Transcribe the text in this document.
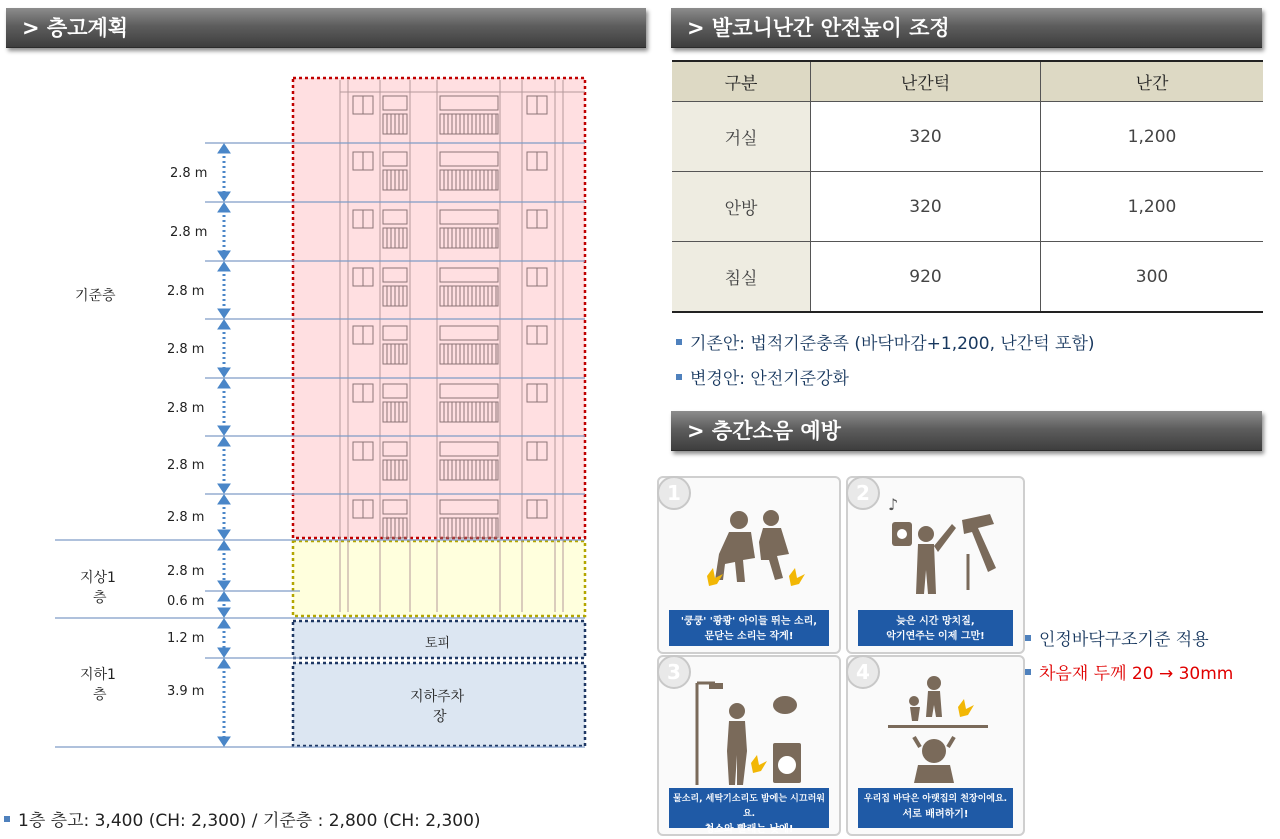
> 층고계획	> 발코니난간 안전높이 조정
> 층간소음 예방
2.8 m
2.8 m
2.8 m
2.8 m
2.8 m
2.8 m
2.8 m
2.8 m
0.6 m
1.2 m
3.9 m
기준층
지상1
층
지하1
층
토피
지하주차
장
1층 층고: 3,400 (CH: 2,300) / 기준층 : 2,800 (CH: 2,300)
구분	난간턱	난간
거실	320	1,200
안방	320	1,200
침실	920	300
기존안: 법적기준충족 (바닥마감+1,200, 난간턱 포함)
변경안: 안전기준강화
1
'쿵쿵' '쾅쾅' 아이들 뛰는 소리,
문닫는 소리는 작게!
2	♪
늦은 시간 망치질,
악기연주는 이제 그만!
3
물소리, 세탁기소리도 밤에는 시끄러워요.
청소와 빨래는 낮에!
4
우리집 바닥은 아랫집의 천장이에요.
서로 배려하기!
인정바닥구조기준 적용
차음재 두께 20 → 30mm
